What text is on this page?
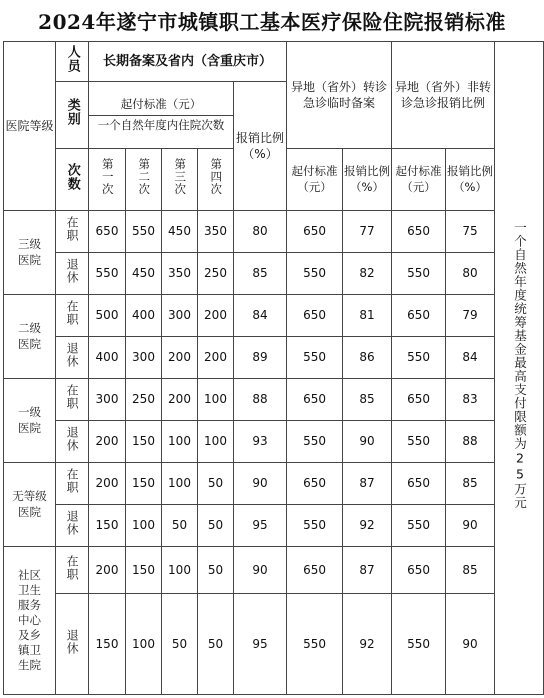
2024年遂宁市城镇职工基本医疗保险住院报销标准
医院等级	人员	长期备案及省内（含重庆市）					异地（省外）转诊急诊临时备案		异地（省外）非转诊急诊报销比例		一个自然年度统筹基金最高支付限额为25万元
	类别	起付标准（元）
一个自然年度内住院次数				报销比例（%）					
	次数	第一次	第二次	第三次	第四次		起付标准（元）	报销比例（%）	起付标准（元）	报销比例（%）	
三级医院	在职	650	550	450	350	80	650	77	650	75	
	退休	550	450	350	250	85	550	82	550	80	
二级医院	在职	500	400	300	200	84	650	81	650	79	
	退休	400	300	200	200	89	550	86	550	84	
一级医院	在职	300	250	200	100	88	650	85	650	83	
	退休	200	150	100	100	93	550	90	550	88	
无等级医院	在职	200	150	100	50	90	650	87	650	85	
	退休	150	100	50	50	95	550	92	550	90	
社区卫生服务中心及乡镇卫生院	在职	200	150	100	50	90	650	87	650	85	
	退休	150	100	50	50	95	550	92	550	90	
